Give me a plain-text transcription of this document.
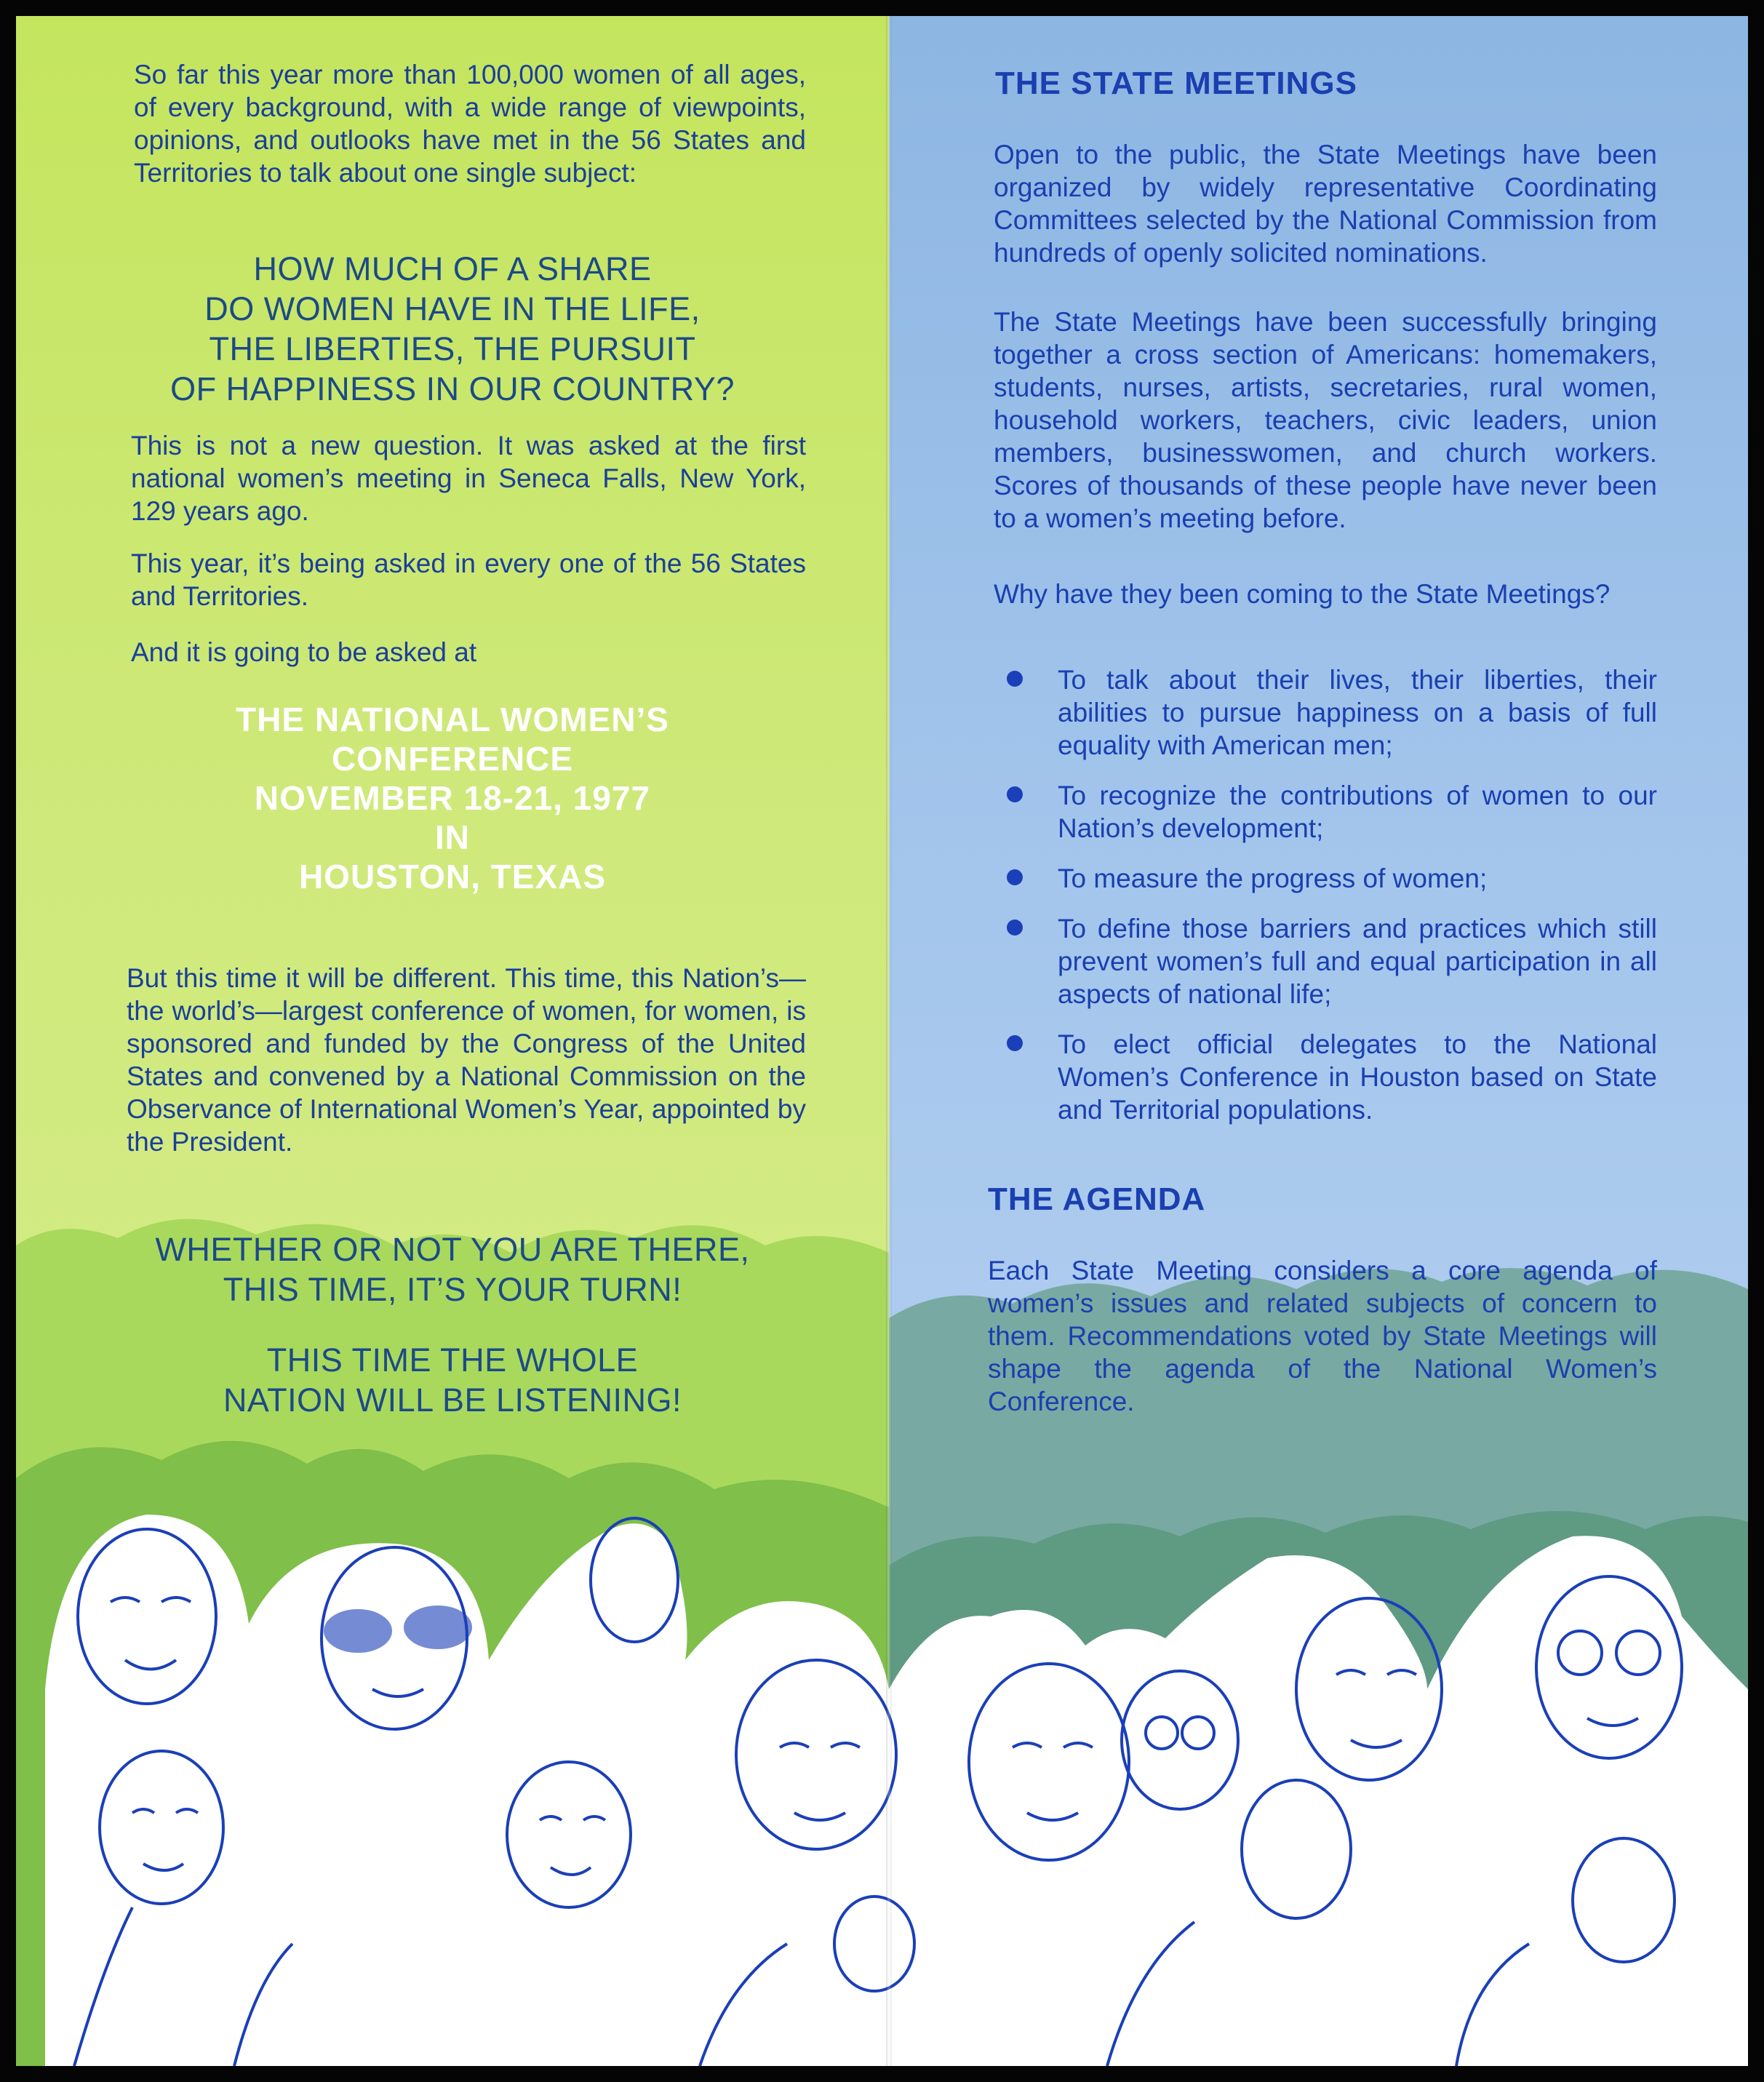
So far this year more than 100,000 women of all ages, of every background, with a wide range of viewpoints, opinions, and outlooks have met in the 56 States and Territories to talk about one single subject:

HOW MUCH OF A SHARE
DO WOMEN HAVE IN THE LIFE,
THE LIBERTIES, THE PURSUIT
OF HAPPINESS IN OUR COUNTRY?

This is not a new question. It was asked at the first national women’s meeting in Seneca Falls, New York, 129 years ago.

This year, it’s being asked in every one of the 56 States and Territories.

And it is going to be asked at

THE NATIONAL WOMEN’S
CONFERENCE
NOVEMBER 18-21, 1977
IN
HOUSTON, TEXAS

But this time it will be different. This time, this Nation’s—the world’s—largest conference of women, for women, is sponsored and funded by the Congress of the United States and convened by a National Commission on the Observance of International Women’s Year, appointed by the President.

WHETHER OR NOT YOU ARE THERE,
THIS TIME, IT’S YOUR TURN!
THIS TIME THE WHOLE
NATION WILL BE LISTENING!
THE STATE MEETINGS

Open to the public, the State Meetings have been organized by widely representative Coordinating Committees selected by the National Commission from hundreds of openly solicited nominations.

The State Meetings have been successfully bringing together a cross section of Americans: homemakers, students, nurses, artists, secretaries, rural women, household workers, teachers, civic leaders, union members, businesswomen, and church workers. Scores of thousands of these people have never been to a women’s meeting before.

Why have they been coming to the State Meetings?

To talk about their lives, their liberties, their abilities to pursue happiness on a basis of full equality with American men;
To recognize the contributions of women to our Nation’s development;
To measure the progress of women;
To define those barriers and practices which still prevent women’s full and equal participation in all aspects of national life;
To elect official delegates to the National Women’s Conference in Houston based on State and Territorial populations.
THE AGENDA

Each State Meeting considers a core agenda of women’s issues and related subjects of concern to them. Recommendations voted by State Meetings will shape the agenda of the National Women’s Conference.
